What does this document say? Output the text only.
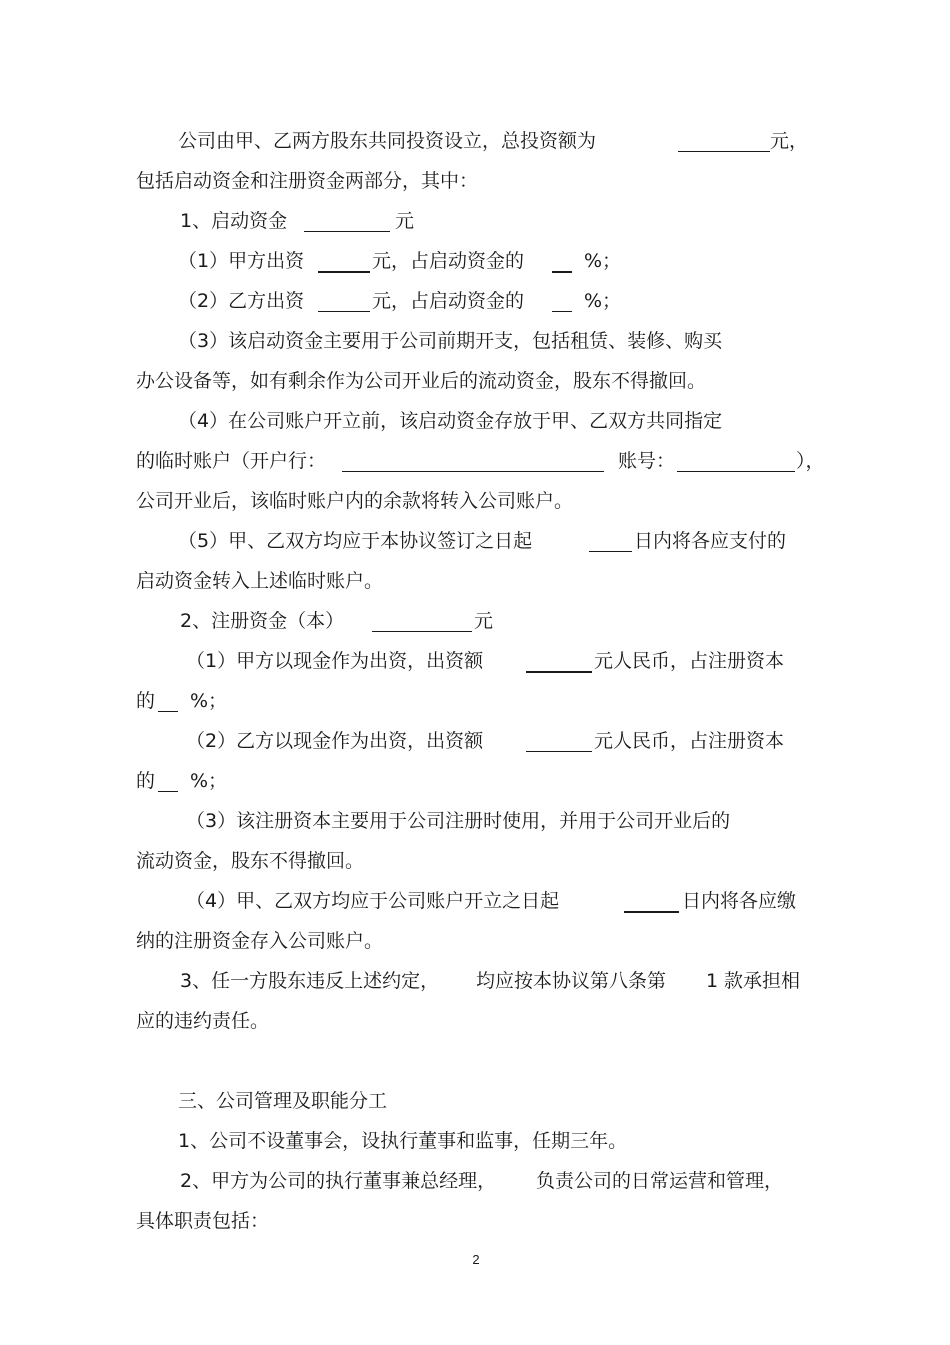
公司由甲、乙两方股东共同投资设立，总投资额为	元，
包括启动资金和注册资金两部分，其中：
1、启动资金	元
（1）甲方出资	元，占启动资金的	%；
（2）乙方出资	元，占启动资金的	%；
（3）该启动资金主要用于公司前期开支，包括租赁、装修、购买
办公设备等，如有剩余作为公司开业后的流动资金，股东不得撤回。
（4）在公司账户开立前，该启动资金存放于甲、乙双方共同指定
的临时账户（开户行：	账号：	），
公司开业后，该临时账户内的余款将转入公司账户。
（5）甲、乙双方均应于本协议签订之日起	日内将各应支付的
启动资金转入上述临时账户。
2、注册资金（本）	元
（1）甲方以现金作为出资，出资额	元人民币，占注册资本
的 %；
（2）乙方以现金作为出资，出资额	元人民币，占注册资本
的 %；
（3）该注册资本主要用于公司注册时使用，并用于公司开业后的
流动资金，股东不得撤回。
（4）甲、乙双方均应于公司账户开立之日起	日内将各应缴
纳的注册资金存入公司账户。
3、任一方股东违反上述约定， 均应按本协议第八条第 1 款承担相
应的违约责任。
三、公司管理及职能分工
1、公司不设董事会，设执行董事和监事，任期三年。
2、甲方为公司的执行董事兼总经理， 负责公司的日常运营和管理，
具体职责包括：
2
